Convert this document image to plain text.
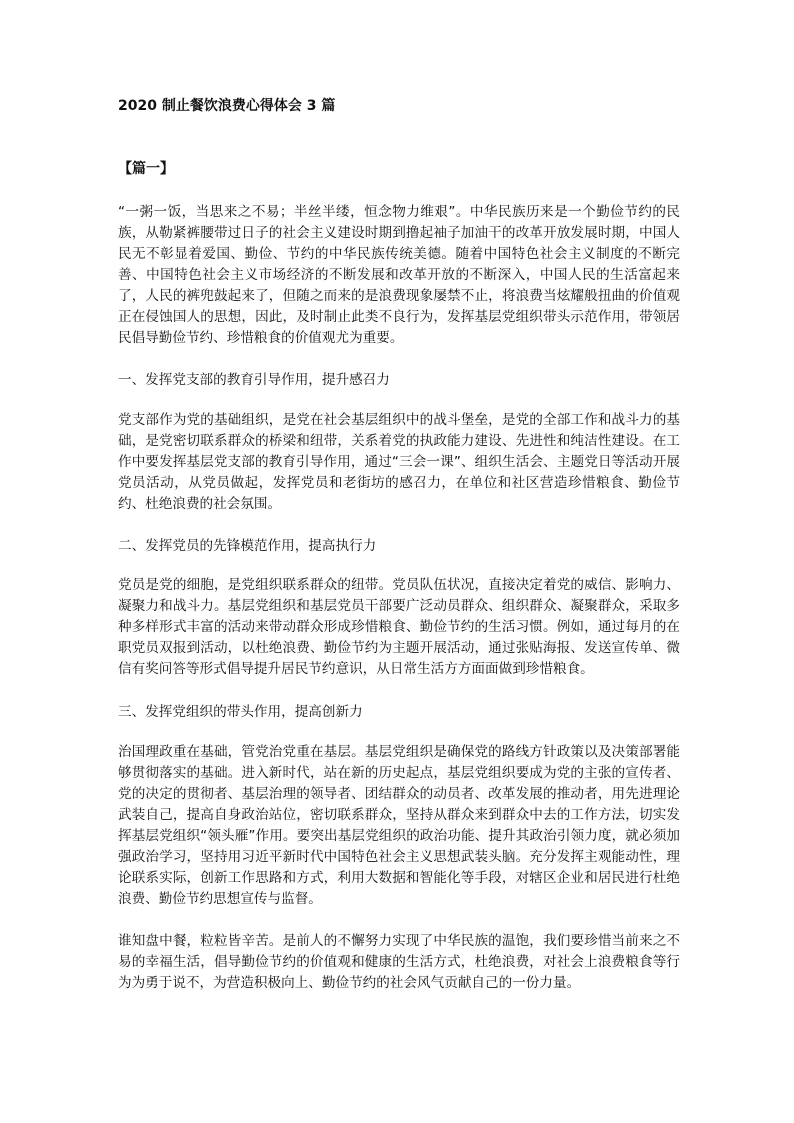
2020 制止餐饮浪费心得体会 3 篇
【篇一】

“一粥一饭，当思来之不易；半丝半缕，恒念物力维艰”。中华民族历来是一个勤俭节约的民族，从勒紧裤腰带过日子的社会主义建设时期到撸起袖子加油干的改革开放发展时期，中国人民无不彰显着爱国、勤俭、节约的中华民族传统美德。随着中国特色社会主义制度的不断完善、中国特色社会主义市场经济的不断发展和改革开放的不断深入，中国人民的生活富起来了，人民的裤兜鼓起来了，但随之而来的是浪费现象屡禁不止，将浪费当炫耀般扭曲的价值观正在侵蚀国人的思想，因此，及时制止此类不良行为，发挥基层党组织带头示范作用，带领居民倡导勤俭节约、珍惜粮食的价值观尤为重要。

一、发挥党支部的教育引导作用，提升感召力

党支部作为党的基础组织，是党在社会基层组织中的战斗堡垒，是党的全部工作和战斗力的基础，是党密切联系群众的桥梁和纽带，关系着党的执政能力建设、先进性和纯洁性建设。在工作中要发挥基层党支部的教育引导作用，通过“三会一课”、组织生活会、主题党日等活动开展党员活动，从党员做起，发挥党员和老街坊的感召力，在单位和社区营造珍惜粮食、勤俭节约、杜绝浪费的社会氛围。

二、发挥党员的先锋模范作用，提高执行力

党员是党的细胞，是党组织联系群众的纽带。党员队伍状况，直接决定着党的威信、影响力、凝聚力和战斗力。基层党组织和基层党员干部要广泛动员群众、组织群众、凝聚群众，采取多种多样形式丰富的活动来带动群众形成珍惜粮食、勤俭节约的生活习惯。例如，通过每月的在职党员双报到活动，以杜绝浪费、勤俭节约为主题开展活动，通过张贴海报、发送宣传单、微信有奖问答等形式倡导提升居民节约意识，从日常生活方方面面做到珍惜粮食。

三、发挥党组织的带头作用，提高创新力

治国理政重在基础，管党治党重在基层。基层党组织是确保党的路线方针政策以及决策部署能够贯彻落实的基础。进入新时代，站在新的历史起点，基层党组织要成为党的主张的宣传者、党的决定的贯彻者、基层治理的领导者、团结群众的动员者、改革发展的推动者，用先进理论武装自己，提高自身政治站位，密切联系群众，坚持从群众来到群众中去的工作方法，切实发挥基层党组织“领头雁”作用。要突出基层党组织的政治功能、提升其政治引领力度，就必须加强政治学习，坚持用习近平新时代中国特色社会主义思想武装头脑。充分发挥主观能动性，理论联系实际，创新工作思路和方式，利用大数据和智能化等手段，对辖区企业和居民进行杜绝浪费、勤俭节约思想宣传与监督。

谁知盘中餐，粒粒皆辛苦。是前人的不懈努力实现了中华民族的温饱，我们要珍惜当前来之不易的幸福生活，倡导勤俭节约的价值观和健康的生活方式，杜绝浪费，对社会上浪费粮食等行为为勇于说不，为营造积极向上、勤俭节约的社会风气贡献自己的一份力量。
